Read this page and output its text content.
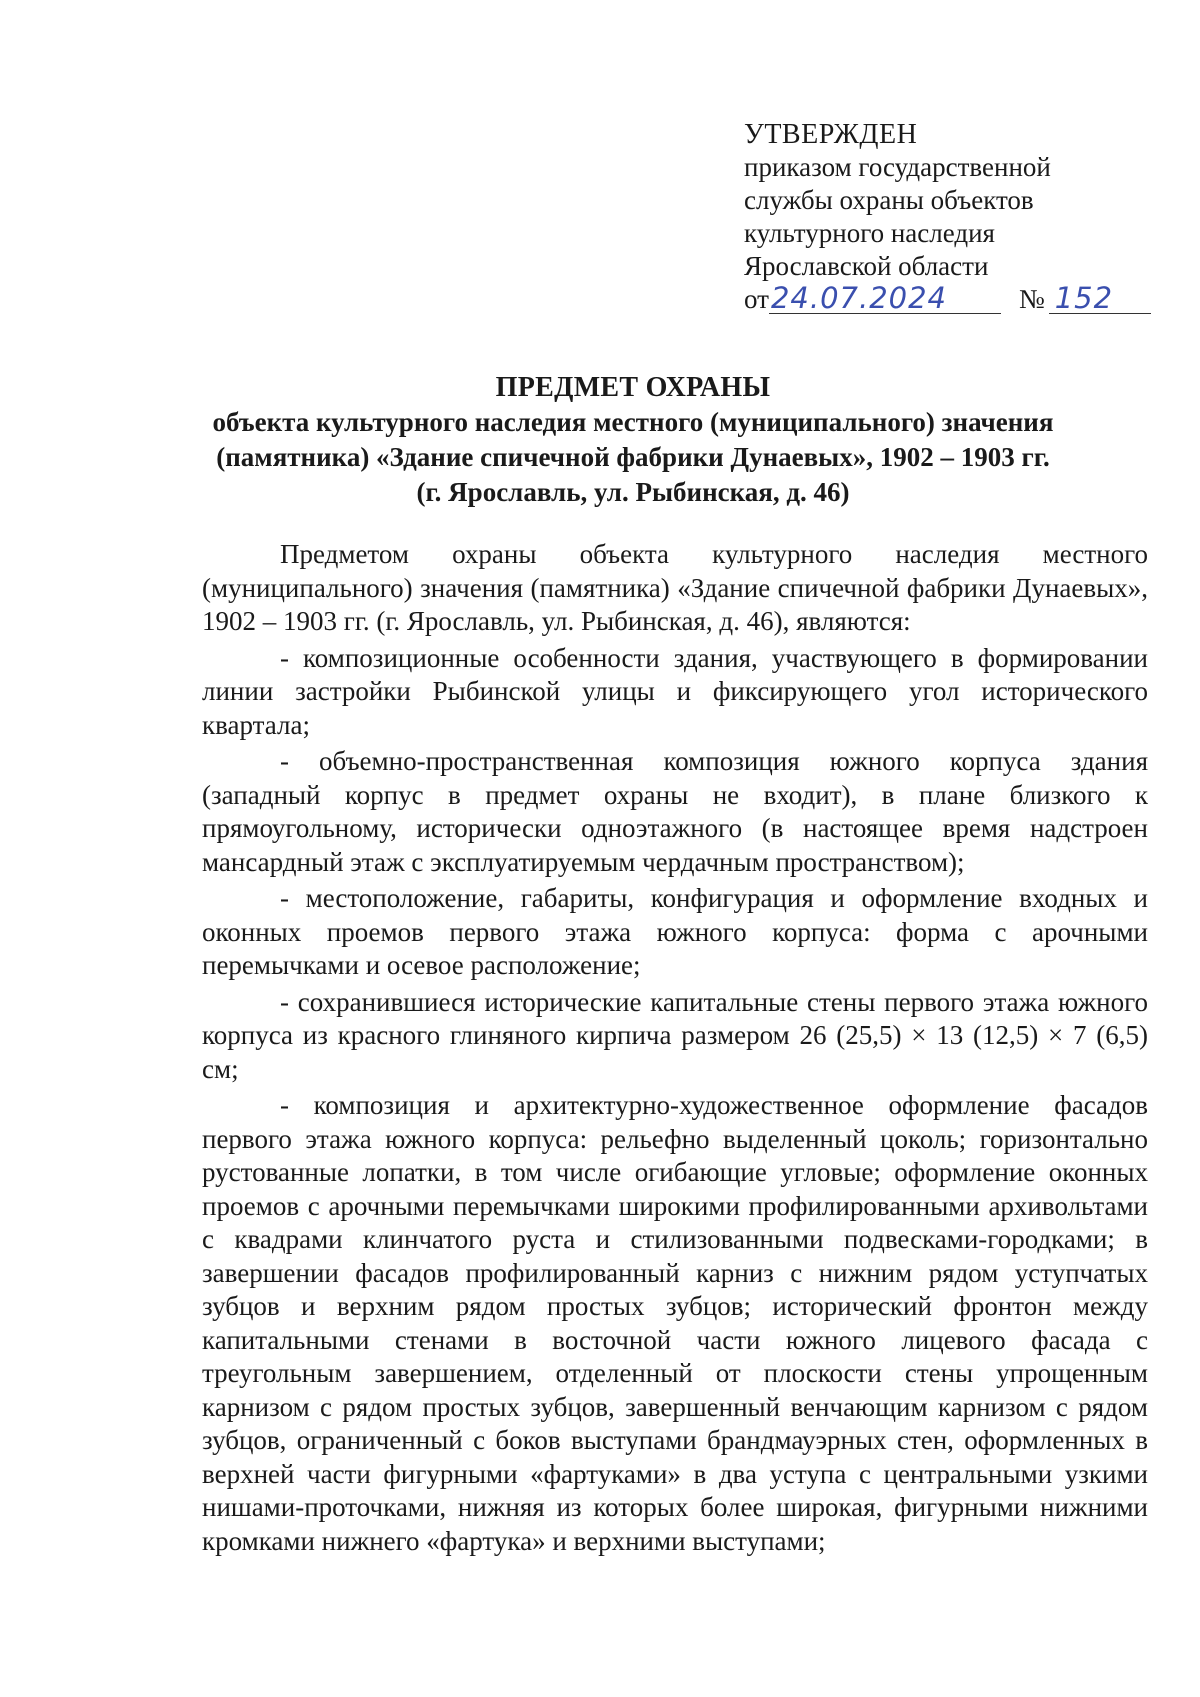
УТВЕРЖДЕН
приказом государственной
службы охраны объектов
культурного наследия
Ярославской области
от24.07.2024	№ 152
ПРЕДМЕТ ОХРАНЫ
объекта культурного наследия местного (муниципального) значения
(памятника) «Здание спичечной фабрики Дунаевых», 1902 – 1903 гг.
(г. Ярославль, ул. Рыбинская, д. 46)

Предметом охраны объекта культурного наследия местного (муниципального) значения (памятника) «Здание спичечной фабрики Дунаевых», 1902 – 1903 гг. (г. Ярославль, ул. Рыбинская, д. 46), являются:

- композиционные особенности здания, участвующего в формировании линии застройки Рыбинской улицы и фиксирующего угол исторического квартала;

- объемно-пространственная композиция южного корпуса здания (западный корпус в предмет охраны не входит), в плане близкого к прямоугольному, исторически одноэтажного (в настоящее время надстроен мансардный этаж с эксплуатируемым чердачным пространством);

- местоположение, габариты, конфигурация и оформление входных и оконных проемов первого этажа южного корпуса: форма с арочными перемычками и осевое расположение;

- сохранившиеся исторические капитальные стены первого этажа южного корпуса из красного глиняного кирпича размером 26 (25,5) × 13 (12,5) × 7 (6,5) см;

- композиция и архитектурно-художественное оформление фасадов первого этажа южного корпуса: рельефно выделенный цоколь; горизонтально рустованные лопатки, в том числе огибающие угловые; оформление оконных проемов с арочными перемычками широкими профилированными архивольтами с квадрами клинчатого руста и стилизованными подвесками-городками; в завершении фасадов профилированный карниз с нижним рядом уступчатых зубцов и верхним рядом простых зубцов; исторический фронтон между капитальными стенами в восточной части южного лицевого фасада с треугольным завершением, отделенный от плоскости стены упрощенным карнизом с рядом простых зубцов, завершенный венчающим карнизом с рядом зубцов, ограниченный с боков выступами брандмауэрных стен, оформленных в верхней части фигурными «фартуками» в два уступа с центральными узкими нишами-проточками, нижняя из которых более широкая, фигурными нижними кромками нижнего «фартука» и верхними выступами;
